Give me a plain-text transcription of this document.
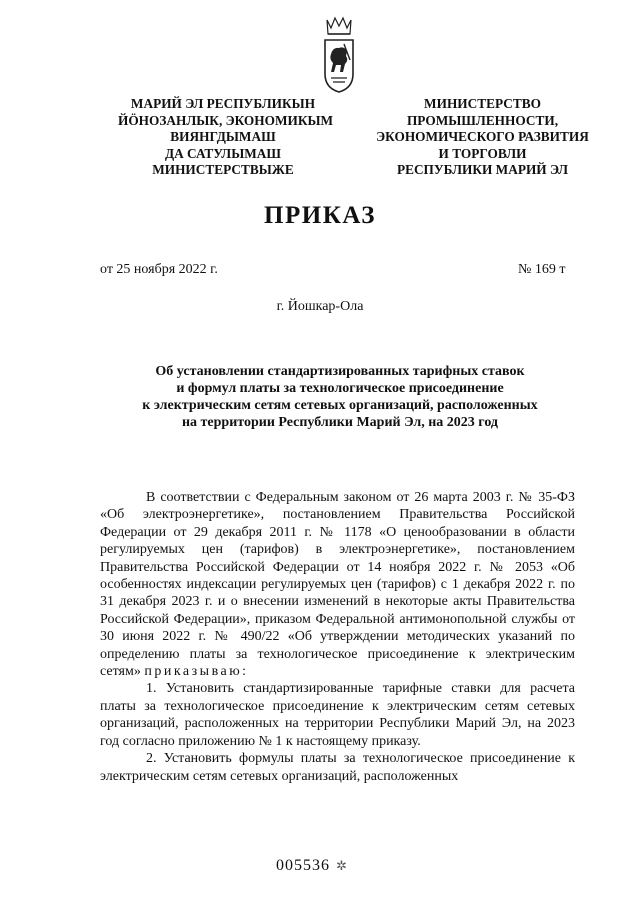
МАРИЙ ЭЛ РЕСПУБЛИКЫН
ЙÖНОЗАНЛЫК, ЭКОНОМИКЫМ
ВИЯНГДЫМАШ
ДА САТУЛЫМАШ
МИНИСТЕРСТВЫЖЕ
МИНИСТЕРСТВО
ПРОМЫШЛЕННОСТИ,
ЭКОНОМИЧЕСКОГО РАЗВИТИЯ
И ТОРГОВЛИ
РЕСПУБЛИКИ МАРИЙ ЭЛ
ПРИКАЗ
от 25 ноября 2022 г.	№ 169 т
г. Йошкар-Ола
Об установлении стандартизированных тарифных ставок
и формул платы за технологическое присоединение
к электрическим сетям сетевых организаций, расположенных
на территории Республики Марий Эл, на 2023 год

В соответствии с Федеральным законом от 26 марта 2003 г. № 35-ФЗ «Об электроэнергетике», постановлением Правительства Российской Федерации от 29 декабря 2011 г. № 1178 «О ценообразовании в области регулируемых цен (тарифов) в электроэнергетике», постановлением Правительства Российской Федерации от 14 ноября 2022 г. № 2053 «Об особенностях индексации регулируемых цен (тарифов) с 1 декабря 2022 г. по 31 декабря 2023 г. и о внесении изменений в некоторые акты Правительства Российской Федерации», приказом Федеральной антимонопольной службы от 30 июня 2022 г. № 490/22 «Об утверждении методических указаний по определению платы за технологическое присоединение к электрическим сетям» приказываю:

1. Установить стандартизированные тарифные ставки для расчета платы за технологическое присоединение к электрическим сетям сетевых организаций, расположенных на территории Республики Марий Эл, на 2023 год согласно приложению № 1 к настоящему приказу.

2. Установить формулы платы за технологическое присоединение к электрическим сетям сетевых организаций, расположенных

005536 ✲
